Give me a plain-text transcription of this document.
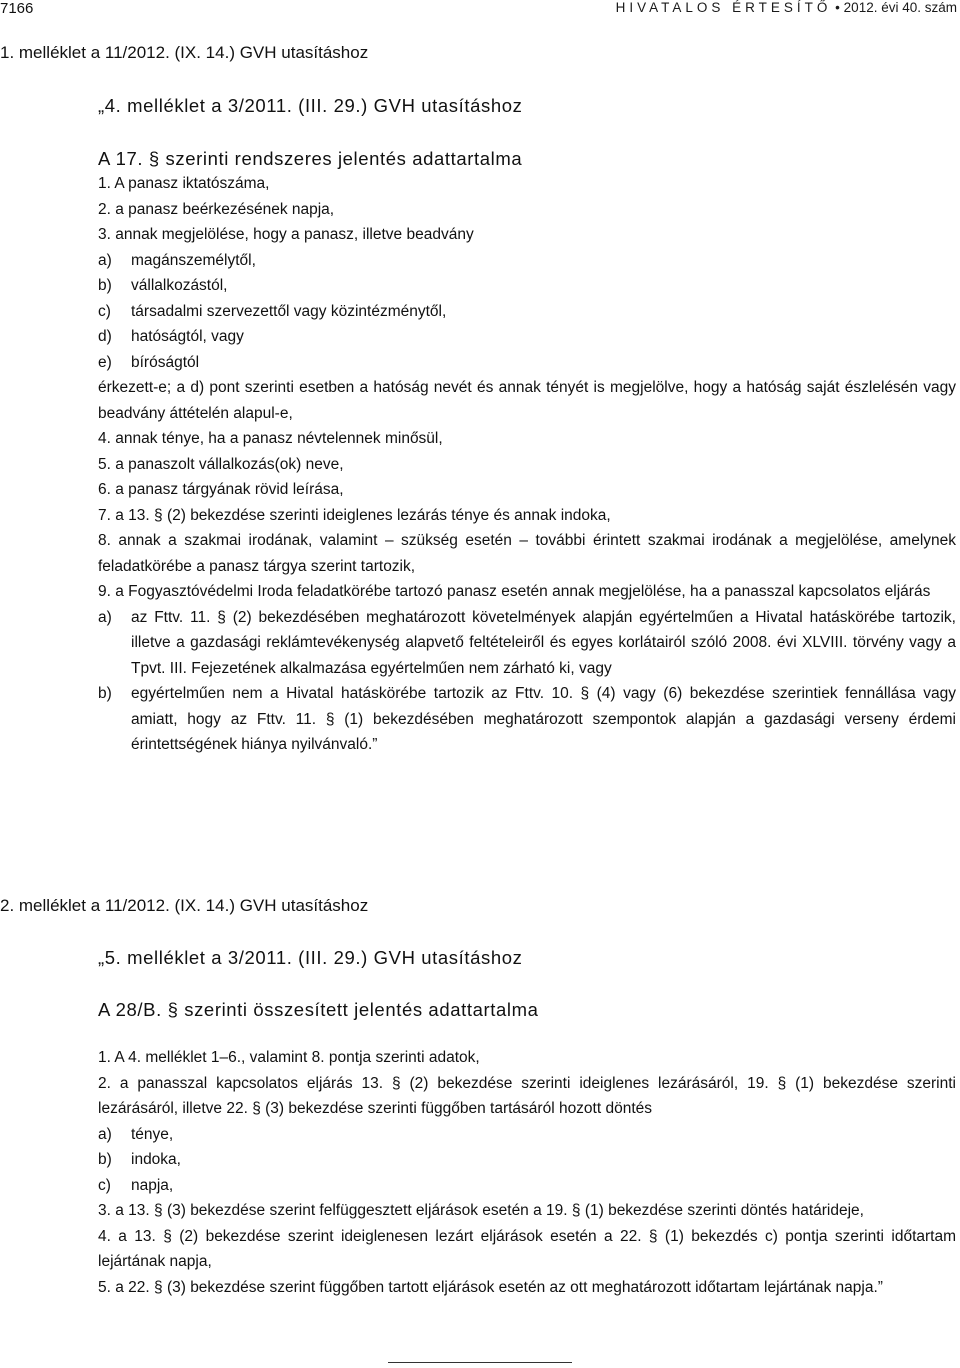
7166	HIVATALOS ÉRTESÍTŐ • 2012. évi 40. szám

1. melléklet a 11/2012. (IX. 14.) GVH utasításhoz

„4. melléklet a 3/2011. (III. 29.) GVH utasításhoz

A 17. § szerinti rendszeres jelentés adattartalma

1. A panasz iktatószáma,

2. a panasz beérkezésének napja,

3. annak megjelölése, hogy a panasz, illetve beadvány

a)	magánszemélytől,
b)	vállalkozástól,
c)	társadalmi szervezettől vagy közintézménytől,
d)	hatóságtól, vagy
e)	bíróságtól

érkezett-e; a d) pont szerinti esetben a hatóság nevét és annak tényét is megjelölve, hogy a hatóság saját észlelésén vagy beadvány áttételén alapul-e,

4. annak ténye, ha a panasz névtelennek minősül,

5. a panaszolt vállalkozás(ok) neve,

6. a panasz tárgyának rövid leírása,

7. a 13. § (2) bekezdése szerinti ideiglenes lezárás ténye és annak indoka,

8. annak a szakmai irodának, valamint – szükség esetén – további érintett szakmai irodának a megjelölése, amelynek feladatkörébe a panasz tárgya szerint tartozik,

9. a Fogyasztóvédelmi Iroda feladatkörébe tartozó panasz esetén annak megjelölése, ha a panasszal kapcsolatos eljárás

a)	az Fttv. 11. § (2) bekezdésében meghatározott követelmények alapján egyértelműen a Hivatal hatáskörébe tartozik, illetve a gazdasági reklámtevékenység alapvető feltételeiről és egyes korlátairól szóló 2008. évi XLVIII. törvény vagy a Tpvt. III. Fejezetének alkalmazása egyértelműen nem zárható ki, vagy
b)	egyértelműen nem a Hivatal hatáskörébe tartozik az Fttv. 10. § (4) vagy (6) bekezdése szerintiek fennállása vagy amiatt, hogy az Fttv. 11. § (1) bekezdésében meghatározott szempontok alapján a gazdasági verseny érdemi érintettségének hiánya nyilvánvaló.”

2. melléklet a 11/2012. (IX. 14.) GVH utasításhoz

„5. melléklet a 3/2011. (III. 29.) GVH utasításhoz

A 28/B. § szerinti összesített jelentés adattartalma

1. A 4. melléklet 1–6., valamint 8. pontja szerinti adatok,

2. a panasszal kapcsolatos eljárás 13. § (2) bekezdése szerinti ideiglenes lezárásáról, 19. § (1) bekezdése szerinti lezárásáról, illetve 22. § (3) bekezdése szerinti függőben tartásáról hozott döntés

a)	ténye,
b)	indoka,
c)	napja,

3. a 13. § (3) bekezdése szerint felfüggesztett eljárások esetén a 19. § (1) bekezdése szerinti döntés határideje,

4. a 13. § (2) bekezdése szerint ideiglenesen lezárt eljárások esetén a 22. § (1) bekezdés c) pontja szerinti időtartam lejártának napja,

5. a 22. § (3) bekezdése szerint függőben tartott eljárások esetén az ott meghatározott időtartam lejártának napja.”
